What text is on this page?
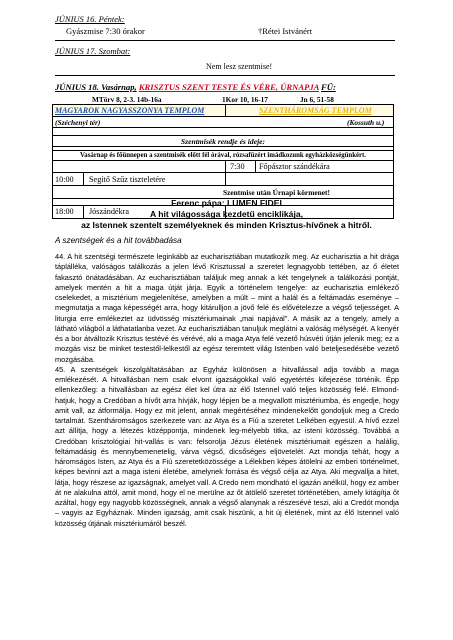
JÚNIUS 16. Péntek:
Gyászmise 7:30 órakor	†Rétei Istvánért
JÚNIUS 17. Szombat:
Nem lesz szentmise!
JÚNIUS 18. Vasárnap, KRISZTUS SZENT TESTE ÉS VÉRE, ÚRNAPJA FÜ:
MTörv 8, 2-3. 14b-16a	1Kor 10, 16-17	Jn 6, 51-58
MAGYAROK NAGYASSZONYA TEMPLOM	SZENTHÁROMSÁG TEMPLOM
(Széchenyi tér)	(Kossuth u.)
Szentmisék rendje és ideje:
Vasárnap és főünnepen a szentmisék előtt fél órával, rózsafüzért imádkozunk egyházközségünkért.
7:30 Főpásztor szándékára
10:00 Segítő Szűz tiszteletére
Szentmise után Úrnapi körmenet!
18:00 Jószándékra
Ferenc pápa: LUMEN FIDEI
A hit világossága kezdetű enciklikája,
az Istennek szentelt személyeknek és minden Krisztus-hívőnek a hitről.
A szentségek és a hit továbbadása

44. A hit szentségi természete leginkább az eucharisztiában mutatkozik meg. Az eucharisztia a hit drága táplálléka, valóságos találkozás a jelen lévő Krisztussal a szeretet legnagyobb tettében, az ő életet fakasztó önátadásában. Az eucharisztiában találjuk meg annak a két tengelynek a találkozási pontját, amelyek mentén a hit a maga útját járja. Egyik a történelem tengelye: az eucharisztia emlékező cselekedet, a misztérium megjelenítése, amelyben a múlt – mint a halál és a feltámadás eseménye – megmutatja a maga képességét arra, hogy kitárulljon a jövő felé és elővételezze a végső teljességet. A liturgia erre emlékeztet az üdvösség misztériumainak „mai napjával”. A másik az a tengely, amely a látható világból a láthatatlanba vezet. Az eucharisztiában tanuljuk meglátni a valóság mélységét. A kenyér és a bor átváltozik Krisztus testévé és vérévé, aki a maga Atya felé vezető húsvéti útján jelenik meg; ez a mozgás visz be minket testestől-lelkestől az egész teremtett világ Istenben való beteljesedésébe vezető mozgásába.

45. A szentségek kiszolgáltatásában az Egyház különösen a hitvallással adja tovább a maga emlékezését. A hitvallásban nem csak elvont igazságokkal való egyetértés kifejezése történik. Épp ellenkezőleg: a hitvallásban az egész élet kel útra az élő Istennel való teljes közösség felé. Elmond-hatjuk, hogy a Credóban a hívőt arra hívják, hogy lépjen be a megvallott misztériumba, és engedje, hogy amit vall, az átformálja. Hogy ez mit jelent, annak megértéséhez mindenekelőtt gondoljuk meg a Credo tartalmát. Szentháromságos szerkezete van: az Atya és a Fiú a szeretet Lelkében egyesül. A hívő ezzel azt állítja, hogy a létezés középpontja, mindenek leg-mélyebb titka, az isteni közösség. Továbbá a Credóban krisztológiai hit-vallás is van: felsorolja Jézus életének misztériumait egészen a halálig, feltámadásig és mennybemenetelig, várva végső, dicsőséges eljövetelét. Azt mondja tehát, hogy a háromságos Isten, az Atya és a Fiú szeretetközössége a Lélekben képes átölelni az emberi történelmet, képes bevinni azt a maga isteni életébe, amelynek forrása és végső célja az Atya. Aki megvallja a hitet, látja, hogy részese az igazságnak, amelyet vall. A Credo nem mondható el igazán anélkül, hogy ez amber át ne alakulna attól, amit mond, hogy el ne merülne az őt átölelő szeretet történetében, amely kitágítja őt azáltal, hogy egy nagyobb közösségnek, annak a végső alanynak a részesévé teszi, aki a Credót mondja – vagyis az Egyháznak. Minden igazság, amit csak hiszünk, a hit új életének, mint az élő Istennel való közösség útjának misztériumáról beszél.
